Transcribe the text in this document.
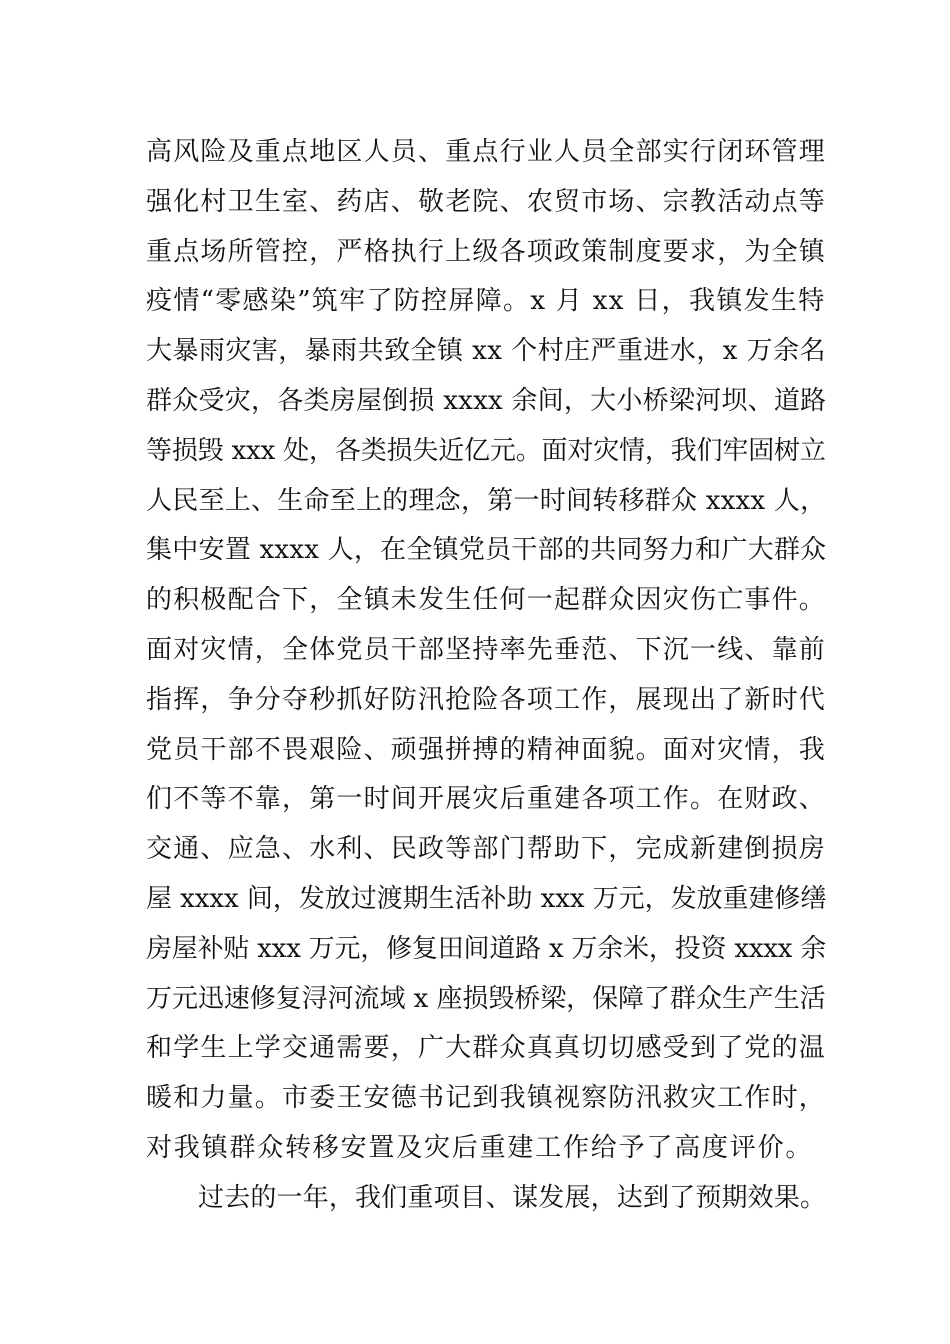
高风险及重点地区人员、重点行业人员全部实行闭环管理
强化村卫生室、药店、敬老院、农贸市场、宗教活动点等
重点场所管控，严格执行上级各项政策制度要求，为全镇
疫情“零感染”筑牢了防控屏障。x 月 xx 日，我镇发生特
大暴雨灾害，暴雨共致全镇 xx 个村庄严重进水，x 万余名
群众受灾，各类房屋倒损 xxxx 余间，大小桥梁河坝、道路
等损毁 xxx 处，各类损失近亿元。面对灾情，我们牢固树立
人民至上、生命至上的理念，第一时间转移群众 xxxx 人，
集中安置 xxxx 人，在全镇党员干部的共同努力和广大群众
的积极配合下，全镇未发生任何一起群众因灾伤亡事件。
面对灾情，全体党员干部坚持率先垂范、下沉一线、靠前
指挥，争分夺秒抓好防汛抢险各项工作，展现出了新时代
党员干部不畏艰险、顽强拼搏的精神面貌。面对灾情，我
们不等不靠，第一时间开展灾后重建各项工作。在财政、
交通、应急、水利、民政等部门帮助下，完成新建倒损房
屋 xxxx 间，发放过渡期生活补助 xxx 万元，发放重建修缮
房屋补贴 xxx 万元，修复田间道路 x 万余米，投资 xxxx 余
万元迅速修复浔河流域 x 座损毁桥梁，保障了群众生产生活
和学生上学交通需要，广大群众真真切切感受到了党的温
暖和力量。市委王安德书记到我镇视察防汛救灾工作时，
对我镇群众转移安置及灾后重建工作给予了高度评价。
过去的一年，我们重项目、谋发展，达到了预期效果。
